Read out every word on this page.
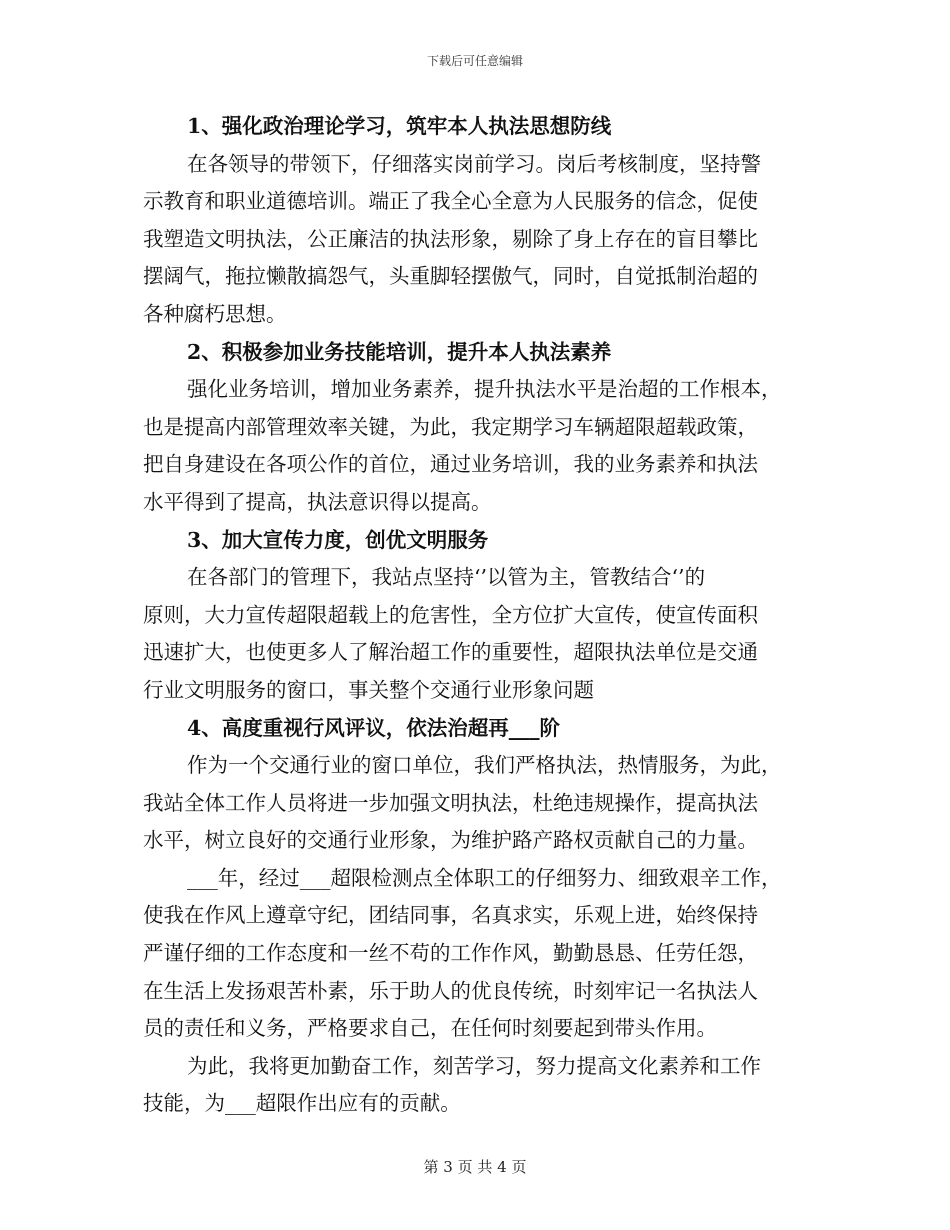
下载后可任意编辑
1、强化政治理论学习，筑牢本人执法思想防线
在各领导的带领下，仔细落实岗前学习。岗后考核制度，坚持警
示教育和职业道德培训。端正了我全心全意为人民服务的信念，促使
我塑造文明执法，公正廉洁的执法形象，剔除了身上存在的盲目攀比
摆阔气，拖拉懒散搞怨气，头重脚轻摆傲气，同时，自觉抵制治超的
各种腐朽思想。
2、积极参加业务技能培训，提升本人执法素养
强化业务培训，增加业务素养，提升执法水平是治超的工作根本，
也是提高内部管理效率关键，为此，我定期学习车辆超限超载政策，
把自身建设在各项公作的首位，通过业务培训，我的业务素养和执法
水平得到了提高，执法意识得以提高。
3、加大宣传力度，创优文明服务
在各部门的管理下，我站点坚持‘’以管为主，管教结合‘’的
原则，大力宣传超限超载上的危害性，全方位扩大宣传，使宣传面积
迅速扩大，也使更多人了解治超工作的重要性，超限执法单位是交通
行业文明服务的窗口，事关整个交通行业形象问题
4、高度重视行风评议，依法治超再___阶
作为一个交通行业的窗口单位，我们严格执法，热情服务，为此，
我站全体工作人员将进一步加强文明执法，杜绝违规操作，提高执法
水平，树立良好的交通行业形象，为维护路产路权贡献自己的力量。
___年，经过___超限检测点全体职工的仔细努力、细致艰辛工作，
使我在作风上遵章守纪，团结同事，名真求实，乐观上进，始终保持
严谨仔细的工作态度和一丝不苟的工作作风，勤勤恳恳、任劳任怨，
在生活上发扬艰苦朴素，乐于助人的优良传统，时刻牢记一名执法人
员的责任和义务，严格要求自己，在任何时刻要起到带头作用。
为此，我将更加勤奋工作，刻苦学习，努力提高文化素养和工作
技能，为___超限作出应有的贡献。
第 3 页 共 4 页
